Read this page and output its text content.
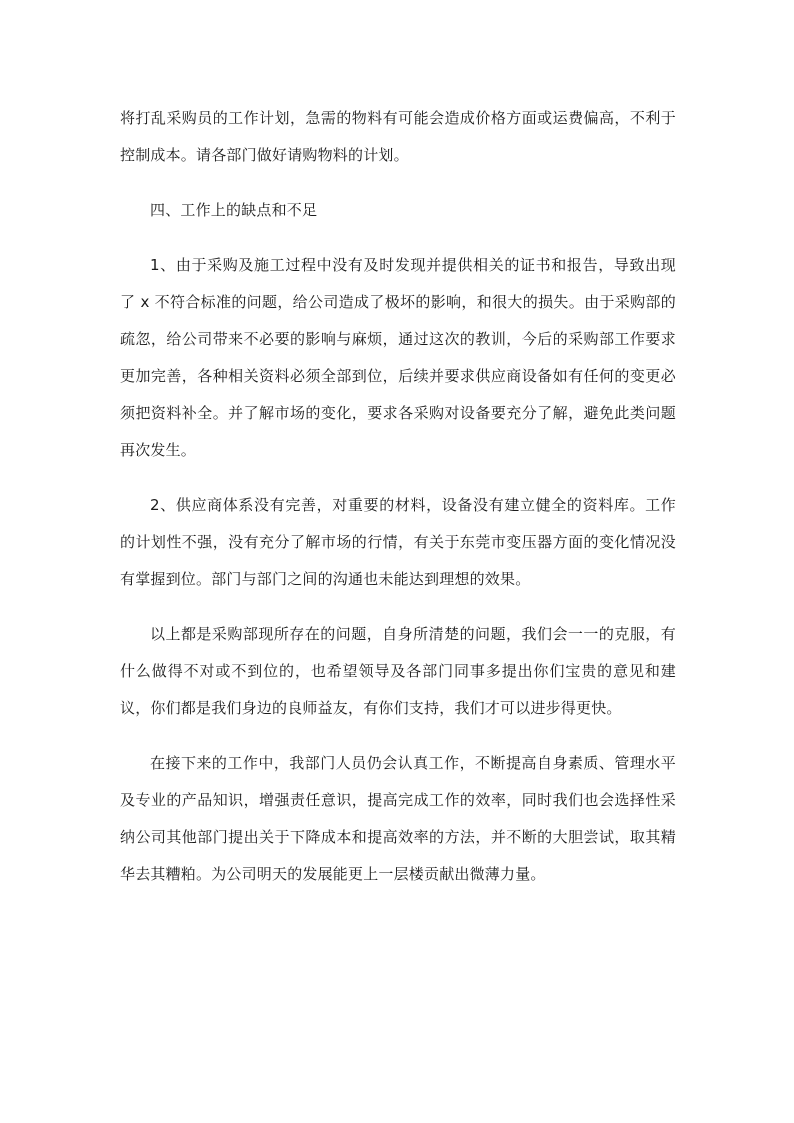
将打乱采购员的工作计划，急需的物料有可能会造成价格方面或运费偏高，不利于控制成本。请各部门做好请购物料的计划。

四、工作上的缺点和不足

1、由于采购及施工过程中没有及时发现并提供相关的证书和报告，导致出现了 x 不符合标准的问题，给公司造成了极坏的影响，和很大的损失。由于采购部的疏忽，给公司带来不必要的影响与麻烦，通过这次的教训，今后的采购部工作要求更加完善，各种相关资料必须全部到位，后续并要求供应商设备如有任何的变更必须把资料补全。并了解市场的变化，要求各采购对设备要充分了解，避免此类问题再次发生。

2、供应商体系没有完善，对重要的材料，设备没有建立健全的资料库。工作的计划性不强，没有充分了解市场的行情，有关于东莞市变压器方面的变化情况没有掌握到位。部门与部门之间的沟通也未能达到理想的效果。

以上都是采购部现所存在的问题，自身所清楚的问题，我们会一一的克服，有什么做得不对或不到位的，也希望领导及各部门同事多提出你们宝贵的意见和建议，你们都是我们身边的良师益友，有你们支持，我们才可以进步得更快。

在接下来的工作中，我部门人员仍会认真工作，不断提高自身素质、管理水平及专业的产品知识，增强责任意识，提高完成工作的效率，同时我们也会选择性采纳公司其他部门提出关于下降成本和提高效率的方法，并不断的大胆尝试，取其精华去其糟粕。为公司明天的发展能更上一层楼贡献出微薄力量。
